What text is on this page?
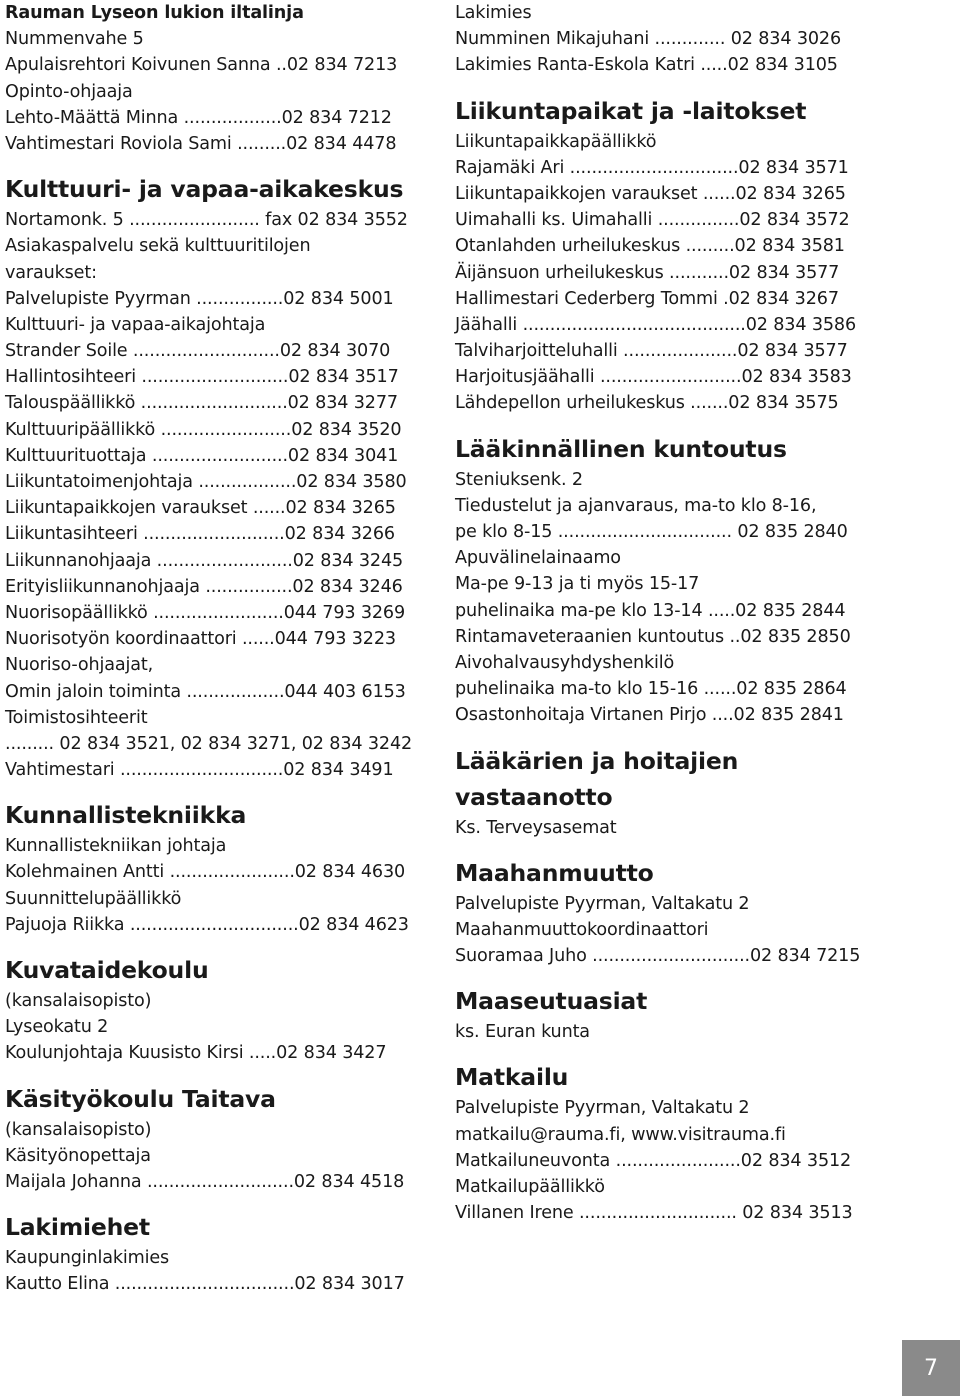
Rauman Lyseon lukion iltalinja
Nummenvahe 5
Apulaisrehtori Koivunen Sanna ..02 834 7213
Opinto-ohjaaja
Lehto-Määttä Minna ..................02 834 7212
Vahtimestari Roviola Sami .........02 834 4478
Kulttuuri- ja vapaa-aikakeskus
Nortamonk. 5 ........................ fax 02 834 3552
Asiakaspalvelu sekä kulttuuritilojen
varaukset:
Palvelupiste Pyyrman ................02 834 5001
Kulttuuri- ja vapaa-aikajohtaja
Strander Soile ...........................02 834 3070
Hallintosihteeri ...........................02 834 3517
Talouspäällikkö ...........................02 834 3277
Kulttuuripäällikkö ........................02 834 3520
Kulttuurituottaja .........................02 834 3041
Liikuntatoimenjohtaja ..................02 834 3580
Liikuntapaikkojen varaukset ......02 834 3265
Liikuntasihteeri ..........................02 834 3266
Liikunnanohjaaja .........................02 834 3245
Erityisliikunnanohjaaja ................02 834 3246
Nuorisopäällikkö ........................044 793 3269
Nuorisotyön koordinaattori ......044 793 3223
Nuoriso-ohjaajat,
Omin jaloin toiminta ..................044 403 6153
Toimistosihteerit
......... 02 834 3521, 02 834 3271, 02 834 3242
Vahtimestari ..............................02 834 3491
Kunnallistekniikka
Kunnallistekniikan johtaja
Kolehmainen Antti .......................02 834 4630
Suunnittelupäällikkö
Pajuoja Riikka ...............................02 834 4623
Kuvataidekoulu
(kansalaisopisto)
Lyseokatu 2
Koulunjohtaja Kuusisto Kirsi .....02 834 3427
Käsityökoulu Taitava
(kansalaisopisto)
Käsityönopettaja
Maijala Johanna ...........................02 834 4518
Lakimiehet
Kaupunginlakimies
Kautto Elina .................................02 834 3017
Lakimies
Numminen Mikajuhani ............. 02 834 3026
Lakimies Ranta-Eskola Katri .....02 834 3105
Liikuntapaikat ja -laitokset
Liikuntapaikkapäällikkö
Rajamäki Ari ...............................02 834 3571
Liikuntapaikkojen varaukset ......02 834 3265
Uimahalli ks. Uimahalli ...............02 834 3572
Otanlahden urheilukeskus .........02 834 3581
Äijänsuon urheilukeskus ...........02 834 3577
Hallimestari Cederberg Tommi .02 834 3267
Jäähalli .........................................02 834 3586
Talviharjoitteluhalli .....................02 834 3577
Harjoitusjäähalli ..........................02 834 3583
Lähdepellon urheilukeskus .......02 834 3575
Lääkinnällinen kuntoutus
Steniuksenk. 2
Tiedustelut ja ajanvaraus, ma-to klo 8-16,
pe klo 8-15 ................................ 02 835 2840
Apuvälinelainaamo
Ma-pe 9-13 ja ti myös 15-17
puhelinaika ma-pe klo 13-14 .....02 835 2844
Rintamaveteraanien kuntoutus ..02 835 2850
Aivohalvausyhdyshenkilö
puhelinaika ma-to klo 15-16 ......02 835 2864
Osastonhoitaja Virtanen Pirjo ....02 835 2841
Lääkärien ja hoitajien
vastaanotto
Ks. Terveysasemat
Maahanmuutto
Palvelupiste Pyyrman, Valtakatu 2
Maahanmuuttokoordinaattori
Suoramaa Juho .............................02 834 7215
Maaseutuasiat
ks. Euran kunta
Matkailu
Palvelupiste Pyyrman, Valtakatu 2
matkailu@rauma.fi, www.visitrauma.fi
Matkailuneuvonta .......................02 834 3512
Matkailupäällikkö
Villanen Irene ............................. 02 834 3513
7
